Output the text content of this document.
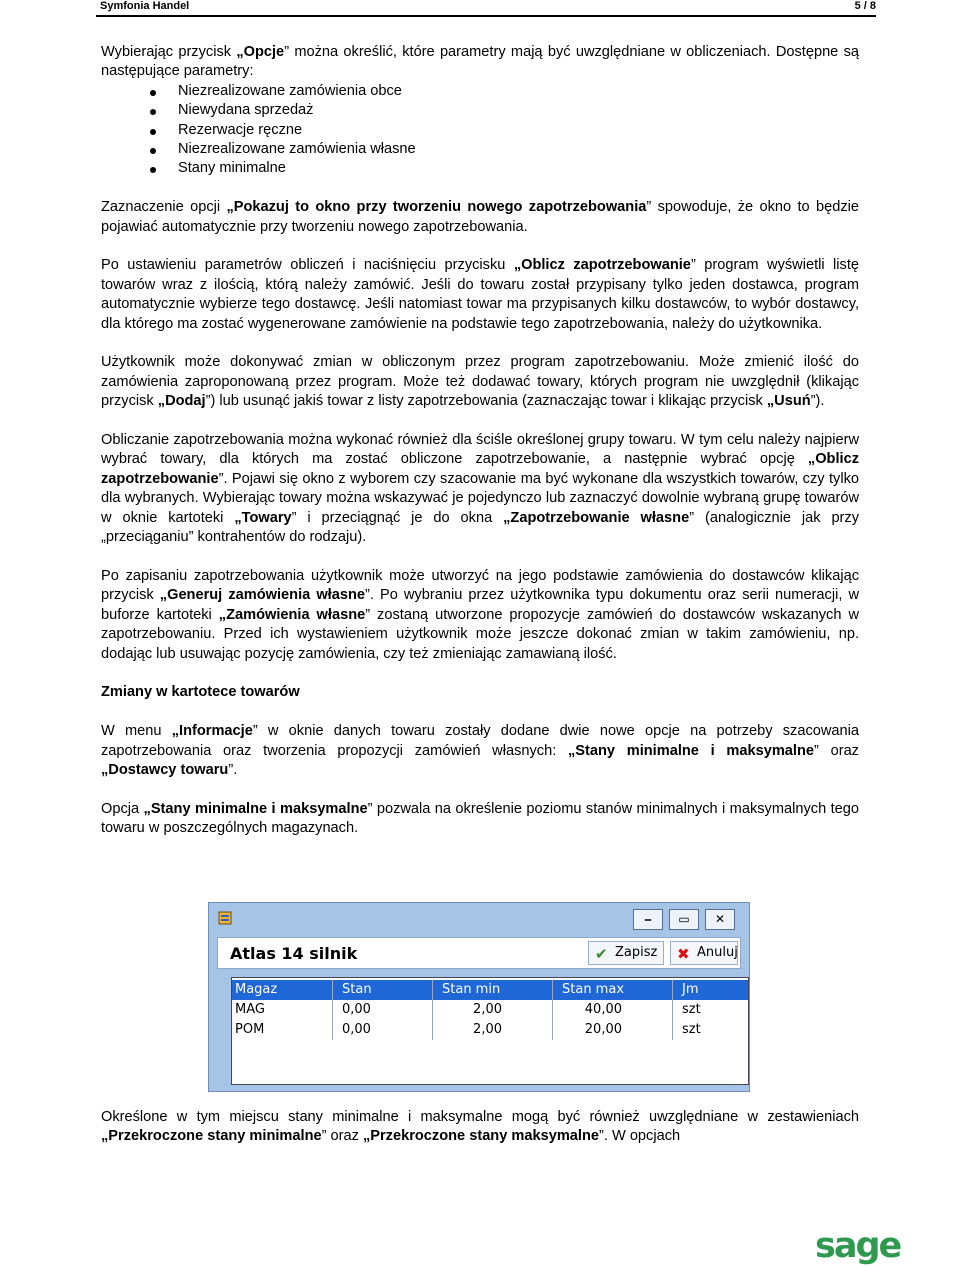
Symfonia Handel	5 / 8

Wybierając przycisk „Opcje” można określić, które parametry mają być uwzględniane w obliczeniach. Dostępne są następujące parametry:

Niezrealizowane zamówienia obce
Niewydana sprzedaż
Rezerwacje ręczne
Niezrealizowane zamówienia własne
Stany minimalne

Zaznaczenie opcji „Pokazuj to okno przy tworzeniu nowego zapotrzebowania” spowoduje, że okno to będzie pojawiać automatycznie przy tworzeniu nowego zapotrzebowania.

Po ustawieniu parametrów obliczeń i naciśnięciu przycisku „Oblicz zapotrzebowanie” program wyświetli listę towarów wraz z ilością, którą należy zamówić. Jeśli do towaru został przypisany tylko jeden dostawca, program automatycznie wybierze tego dostawcę. Jeśli natomiast towar ma przypisanych kilku dostawców, to wybór dostawcy, dla którego ma zostać wygenerowane zamówienie na podstawie tego zapotrzebowania, należy do użytkownika.

Użytkownik może dokonywać zmian w obliczonym przez program zapotrzebowaniu. Może zmienić ilość do zamówienia zaproponowaną przez program. Może też dodawać towary, których program nie uwzględnił (klikając przycisk „Dodaj”) lub usunąć jakiś towar z listy zapotrzebowania (zaznaczając towar i klikając przycisk „Usuń”).

Obliczanie zapotrzebowania można wykonać również dla ściśle określonej grupy towaru. W tym celu należy najpierw wybrać towary, dla których ma zostać obliczone zapotrzebowanie, a następnie wybrać opcję „Oblicz zapotrzebowanie”. Pojawi się okno z wyborem czy szacowanie ma być wykonane dla wszystkich towarów, czy tylko dla wybranych. Wybierając towary można wskazywać je pojedynczo lub zaznaczyć dowolnie wybraną grupę towarów w oknie kartoteki „Towary” i przeciągnąć je do okna „Zapotrzebowanie własne” (analogicznie jak przy „przeciąganiu” kontrahentów do rodzaju).

Po zapisaniu zapotrzebowania użytkownik może utworzyć na jego podstawie zamówienia do dostawców klikając przycisk „Generuj zamówienia własne”. Po wybraniu przez użytkownika typu dokumentu oraz serii numeracji, w buforze kartoteki „Zamówienia własne” zostaną utworzone propozycje zamówień do dostawców wskazanych w zapotrzebowaniu. Przed ich wystawieniem użytkownik może jeszcze dokonać zmian w takim zamówieniu, np. dodając lub usuwając pozycję zamówienia, czy też zmieniając zamawianą ilość.

Zmiany w kartotece towarów

W menu „Informacje” w oknie danych towaru zostały dodane dwie nowe opcje na potrzeby szacowania zapotrzebowania oraz tworzenia propozycji zamówień własnych: „Stany minimalne i maksymalne” oraz „Dostawcy towaru”.

Opcja „Stany minimalne i maksymalne” pozwala na określenie poziomu stanów minimalnych i maksymalnych tego towaru w poszczególnych magazynach.

⎯	▭	✕
Atlas 14 silnik	✔ Zapisz ✖ Anuluj
Magaz	Stan	Stan min	Stan max	Jm
MAG	0,00	2,00	40,00	szt
POM	0,00	2,00	20,00	szt

Określone w tym miejscu stany minimalne i maksymalne mogą być również uwzględniane w zestawieniach „Przekroczone stany minimalne” oraz „Przekroczone stany maksymalne”. W opcjach

sage
